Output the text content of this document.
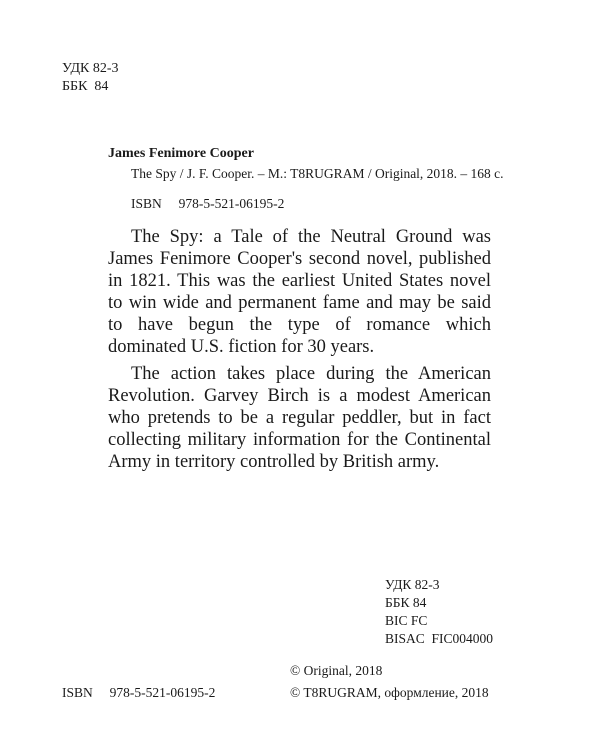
УДК 82-3
ББК  84
James Fenimore Cooper
The Spy / J. F. Cooper. – M.: T8RUGRAM / Original, 2018. – 168 с.
ISBN     978-5-521-06195-2

The Spy: a Tale of the Neutral Ground was James Fenimore Cooper's second novel, published in 1821. This was the earliest United States novel to win wide and permanent fame and may be said to have begun the type of romance which dominated U.S. fiction for 30 years.

The action takes place during the American Revolution. Garvey Birch is a modest American who pretends to be a regular peddler, but in fact collecting military information for the Continental Army in territory controlled by British army.

УДК 82-3
ББК 84
BIC FC
BISAC  FIC004000
© Original, 2018
© T8RUGRAM, оформление, 2018
ISBN     978-5-521-06195-2
